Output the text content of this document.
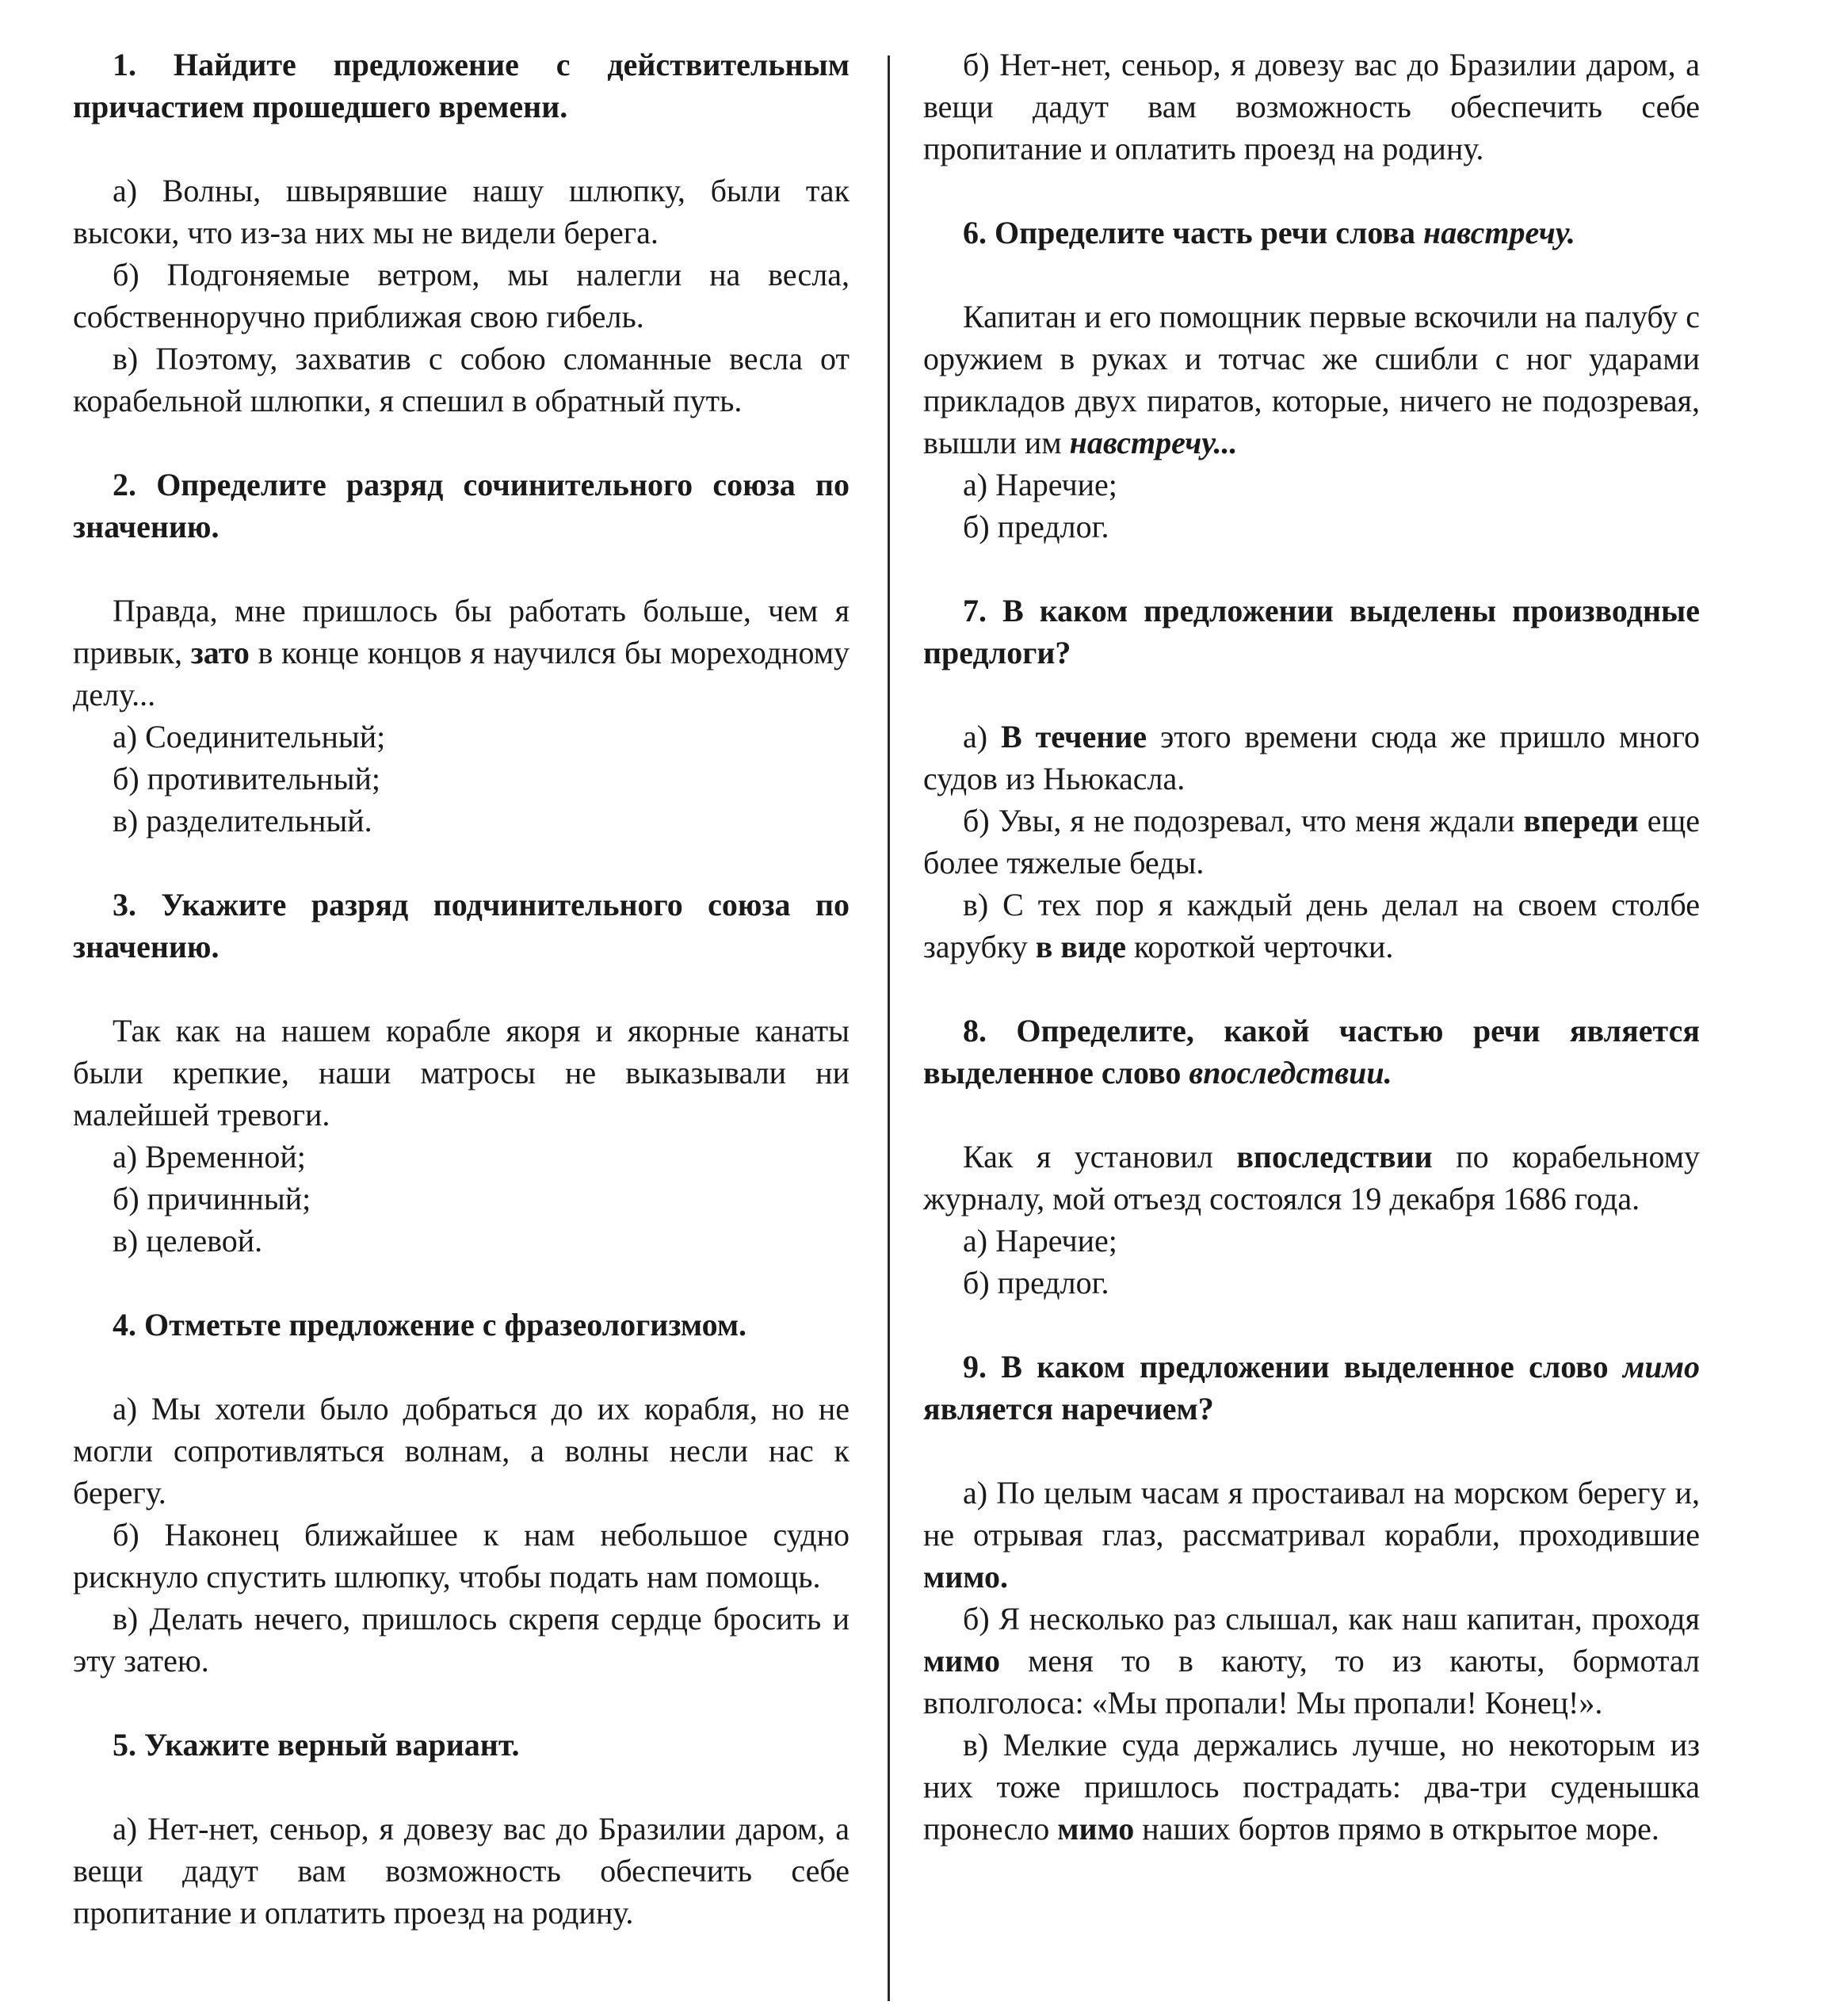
1. Найдите предложение с действительным причастием прошедшего времени.

а) Волны, швырявшие нашу шлюпку, были так высоки, что из-за них мы не видели берега.

б) Подгоняемые ветром, мы налегли на весла, собственноручно приближая свою гибель.

в) Поэтому, захватив с собою сломанные весла от корабельной шлюпки, я спешил в обратный путь.

2. Определите разряд сочинительного союза по значению.

Правда, мне пришлось бы работать больше, чем я привык, зато в конце концов я научился бы мореходному делу...

а) Соединительный;

б) противительный;

в) разделительный.

3. Укажите разряд подчинительного союза по значению.

Так как на нашем корабле якоря и якорные канаты были крепкие, наши матросы не выказывали ни малейшей тревоги.

а) Временной;

б) причинный;

в) целевой.

4. Отметьте предложение с фразеологизмом.

а) Мы хотели было добраться до их корабля, но не могли сопротивляться волнам, а волны несли нас к берегу.

б) Наконец ближайшее к нам небольшое судно рискнуло спустить шлюпку, чтобы подать нам помощь.

в) Делать нечего, пришлось скрепя сердце бросить и эту затею.

5. Укажите верный вариант.

а) Нет-нет, сеньор, я довезу вас до Бразилии даром, а вещи дадут вам возможность обеспечить себе пропитание и оплатить проезд на родину.

б) Нет-нет, сеньор, я довезу вас до Бразилии даром, а вещи дадут вам возможность обеспечить себе пропитание и оплатить проезд на родину.

6. Определите часть речи слова навстречу.

Капитан и его помощник первые вскочили на палубу с оружием в руках и тотчас же сшибли с ног ударами прикладов двух пиратов, которые, ничего не подозревая, вышли им навстречу...

а) Наречие;

б) предлог.

7. В каком предложении выделены производные предлоги?

а) В течение этого времени сюда же пришло много судов из Ньюкасла.

б) Увы, я не подозревал, что меня ждали впереди еще более тяжелые беды.

в) С тех пор я каждый день делал на своем столбе зарубку в виде короткой черточки.

8. Определите, какой частью речи является выделенное слово впоследствии.

Как я установил впоследствии по корабельному журналу, мой отъезд состоялся 19 декабря 1686 года.

а) Наречие;

б) предлог.

9. В каком предложении выделенное слово мимо является наречием?

а) По целым часам я простаивал на морском берегу и, не отрывая глаз, рассматривал корабли, проходившие мимо.

б) Я несколько раз слышал, как наш капитан, проходя мимо меня то в каюту, то из каюты, бормотал вполголоса: «Мы пропали! Мы пропали! Конец!».

в) Мелкие суда держались лучше, но некоторым из них тоже пришлось пострадать: два-три суденышка пронесло мимо наших бортов прямо в открытое море.
